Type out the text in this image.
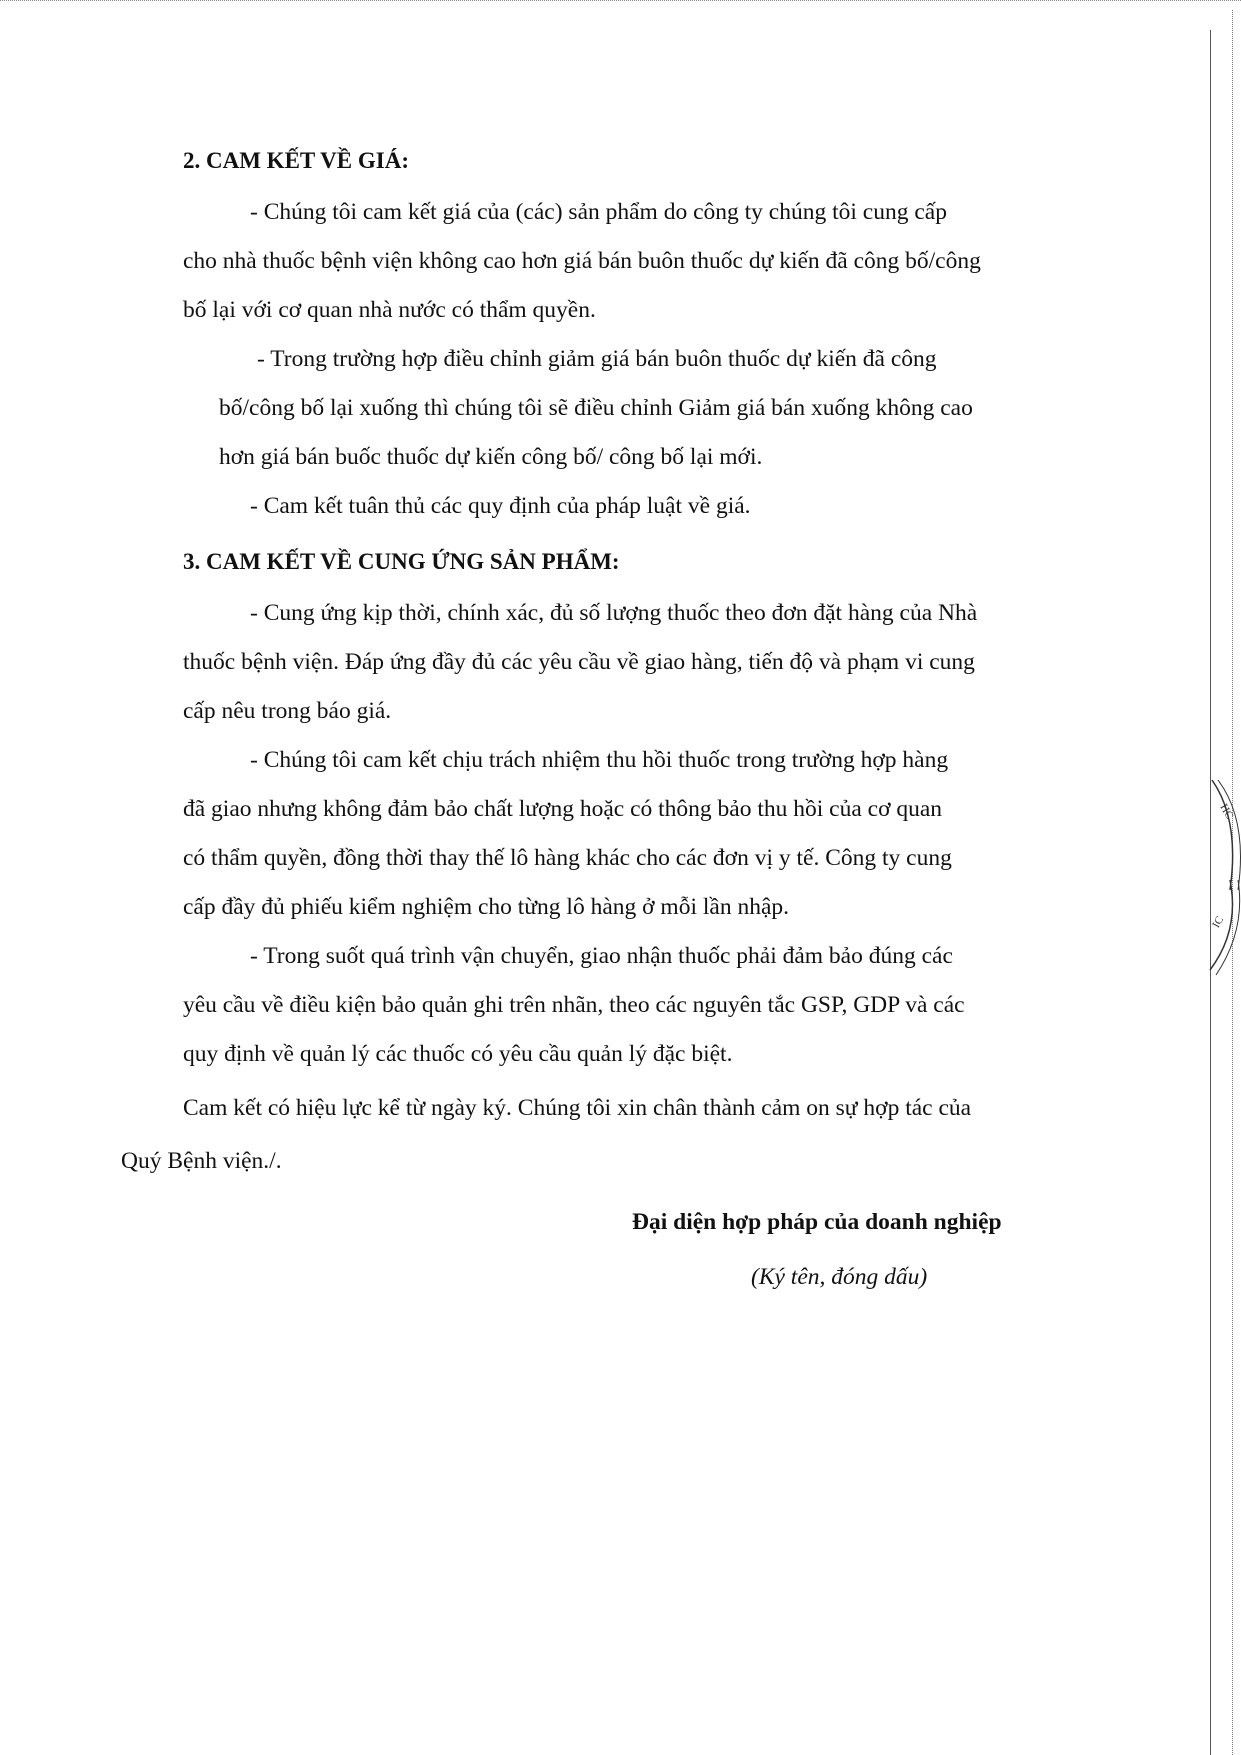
HC
IC
2. CAM KẾT VỀ GIÁ:
- Chúng tôi cam kết giá của (các) sản phẩm do công ty chúng tôi cung cấp
cho nhà thuốc bệnh viện không cao hơn giá bán buôn thuốc dự kiến đã công bố/công
bố lại với cơ quan nhà nước có thẩm quyền.
- Trong trường hợp điều chỉnh giảm giá bán buôn thuốc dự kiến đã công
bố/công bố lại xuống thì chúng tôi sẽ điều chỉnh Giảm giá bán xuống không cao
hơn giá bán buốc thuốc dự kiến công bố/ công bố lại mới.
- Cam kết tuân thủ các quy định của pháp luật về giá.
3. CAM KẾT VỀ CUNG ỨNG SẢN PHẨM:
- Cung ứng kịp thời, chính xác, đủ số lượng thuốc theo đơn đặt hàng của Nhà
thuốc bệnh viện. Đáp ứng đầy đủ các yêu cầu về giao hàng, tiến độ và phạm vi cung
cấp nêu trong báo giá.
- Chúng tôi cam kết chịu trách nhiệm thu hồi thuốc trong trường hợp hàng
đã giao nhưng không đảm bảo chất lượng hoặc có thông bảo thu hồi của cơ quan
có thẩm quyền, đồng thời thay thế lô hàng khác cho các đơn vị y tế. Công ty cung
cấp đầy đủ phiếu kiểm nghiệm cho từng lô hàng ở mỗi lần nhập.
- Trong suốt quá trình vận chuyển, giao nhận thuốc phải đảm bảo đúng các
yêu cầu về điều kiện bảo quản ghi trên nhãn, theo các nguyên tắc GSP, GDP và các
quy định về quản lý các thuốc có yêu cầu quản lý đặc biệt.
Cam kết có hiệu lực kể từ ngày ký. Chúng tôi xin chân thành cảm on sự hợp tác của
Quý Bệnh viện./.
Đại diện hợp pháp của doanh nghiệp
(Ký tên, đóng dấu)
